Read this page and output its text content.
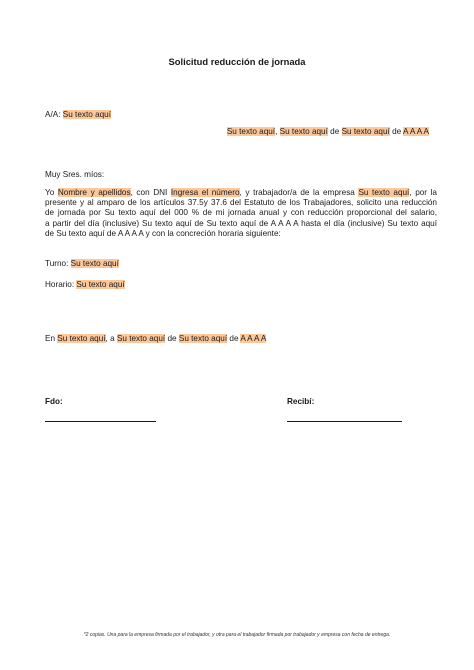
Solicitud reducción de jornada
A/A: Su texto aquí
Su texto aquí, Su texto aquí de Su texto aquí de A A A A
Muy Sres. míos:
Yo Nombre y apellidos, con DNI Ingresa el número, y trabajador/a de la empresa Su texto aquí, por la
presente y al amparo de los artículos 37.5y 37.6 del Estatuto de los Trabajadores, solicito una reducción
de jornada por Su texto aquí del 000 % de mi jornada anual y con reducción proporcional del salario,
a partir del día (inclusive) Su texto aquí de Su texto aquí de A A A A hasta el día (inclusive) Su texto aquí
de Su texto aquí de A A A A y con la concreción horaria siguiente:
Turno: Su texto aquí
Horario: Su texto aquí
En Su texto aquí, a Su texto aquí de Su texto aquí de A A A A
Fdo:	Recibí:
*2 copias. Una para la empresa firmada por el trabajador, y otra para el trabajador firmada por trabajador y empresa con fecha de entrega.
